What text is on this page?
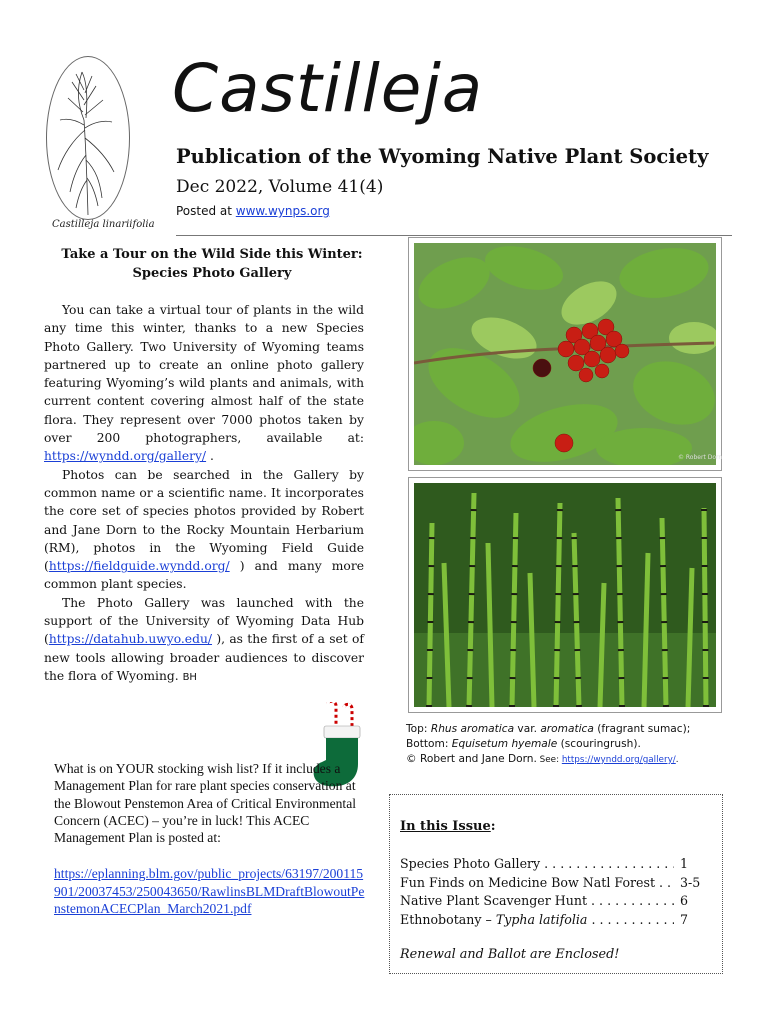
Castilleja linariifolia
Castilleja
Publication of the Wyoming Native Plant Society
Dec 2022, Volume 41(4)
Posted at www.wynps.org
Take a Tour on the Wild Side this Winter:
Species Photo Gallery

You can take a virtual tour of plants in the wild any time this winter, thanks to a new Species Photo Gallery. Two University of Wyoming teams partnered up to create an online photo gallery featuring Wyoming’s wild plants and animals, with current content covering almost half of the state flora. They represent over 7000 photos taken by over 200 photographers, available at: https://wyndd.org/gallery/ .

Photos can be searched in the Gallery by common name or a scientific name. It incorporates the core set of species photos provided by Robert and Jane Dorn to the Rocky Mountain Herbarium (RM), photos in the Wyoming Field Guide (https://fieldguide.wyndd.org/ ) and many more common plant species.

The Photo Gallery was launched with the support of the University of Wyoming Data Hub (https://datahub.uwyo.edu/ ), as the first of a set of new tools allowing broader audiences to discover the flora of Wyoming. BH

© Robert Dorn
Top: Rhus aromatica var. aromatica (fragrant sumac);
Bottom: Equisetum hyemale (scouringrush).
© Robert and Jane Dorn. See: https://wyndd.org/gallery/.

What is on YOUR stocking wish list? If it includes a Management Plan for rare plant species conservation at the Blowout Penstemon Area of Critical Environmental Concern (ACEC) – you’re in luck! This ACEC Management Plan is posted at:

https://eplanning.blm.gov/public_projects/63197/200115901/20037453/250043650/RawlinsBLMDraftBlowoutPenstemonACECPlan_March2021.pdf
In this Issue:
Species Photo Gallery . . .	1
Fun Finds on Medicine Bow Natl Forest . . .	3-5
Native Plant Scavenger Hunt . . .	6
Ethnobotany – Typha latifolia . . .	7
Renewal and Ballot are Enclosed!
